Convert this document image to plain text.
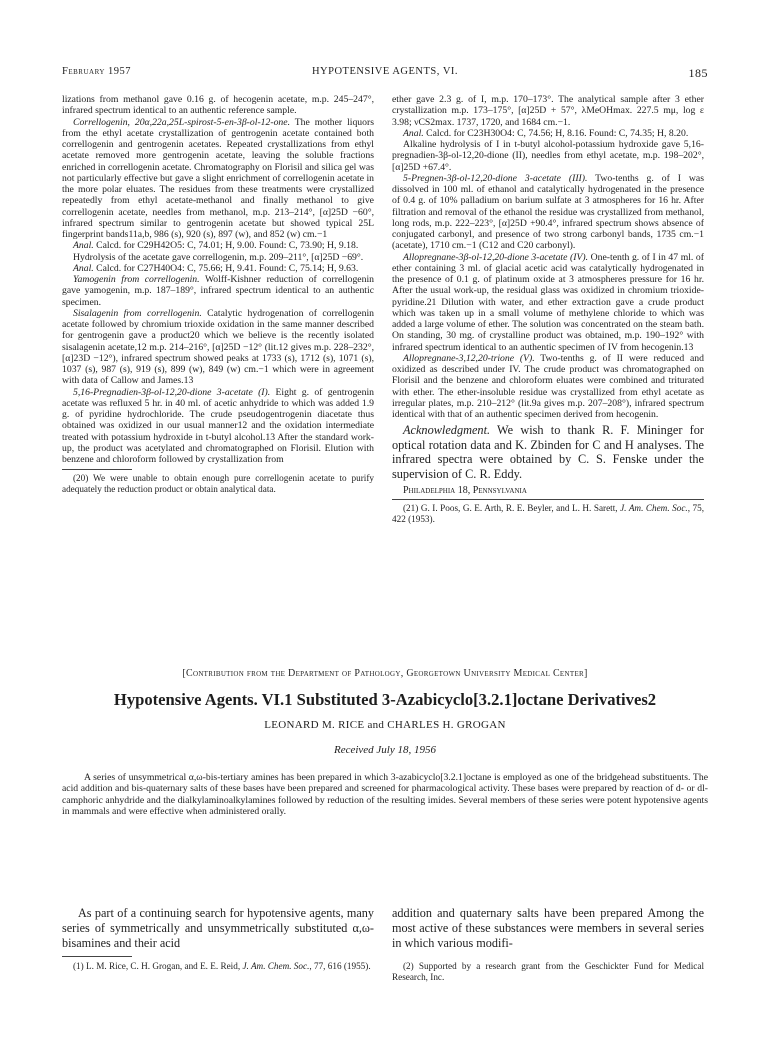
February 1957	HYPOTENSIVE AGENTS, VI.	185

lizations from methanol gave 0.16 g. of hecogenin acetate, m.p. 245–247°, infrared spectrum identical to an authentic reference sample.

Correllogenin, 20α,22a,25L-spirost-5-en-3β-ol-12-one. The mother liquors from the ethyl acetate crystallization of gentrogenin acetate contained both correllogenin and gentrogenin acetates. Repeated crystallizations from ethyl acetate removed more gentrogenin acetate, leaving the soluble fractions enriched in correllogenin acetate. Chromatography on Florisil and silica gel was not particularly effective but gave a slight enrichment of correllogenin acetate in the more polar eluates. The residues from these treatments were crystallized repeatedly from ethyl acetate-methanol and finally methanol to give correllogenin acetate, needles from methanol, m.p. 213–214°, [α]25D −60°, infrared spectrum similar to gentrogenin acetate but showed typical 25L fingerprint bands11a,b, 986 (s), 920 (s), 897 (w), and 852 (w) cm.−1

Anal. Calcd. for C29H42O5: C, 74.01; H, 9.00. Found: C, 73.90; H, 9.18.

Hydrolysis of the acetate gave correllogenin, m.p. 209–211°, [α]25D −69°.

Anal. Calcd. for C27H40O4: C, 75.66; H, 9.41. Found: C, 75.14; H, 9.63.

Yamogenin from correllogenin. Wolff-Kishner reduction of correllogenin gave yamogenin, m.p. 187–189°, infrared spectrum identical to an authentic specimen.

Sisalagenin from correllogenin. Catalytic hydrogenation of correllogenin acetate followed by chromium trioxide oxidation in the same manner described for gentrogenin gave a product20 which we believe is the recently isolated sisalagenin acetate,12 m.p. 214–216°, [α]25D −12° (lit.12 gives m.p. 228–232°, [α]23D −12°), infrared spectrum showed peaks at 1733 (s), 1712 (s), 1071 (s), 1037 (s), 987 (s), 919 (s), 899 (w), 849 (w) cm.−1 which were in agreement with data of Callow and James.13

5,16-Pregnadien-3β-ol-12,20-dione 3-acetate (I). Eight g. of gentrogenin acetate was refluxed 5 hr. in 40 ml. of acetic anhydride to which was added 1.9 g. of pyridine hydrochloride. The crude pseudogentrogenin diacetate thus obtained was oxidized in our usual manner12 and the oxidation intermediate treated with potassium hydroxide in t-butyl alcohol.13 After the standard work-up, the product was acetylated and chromatographed on Florisil. Elution with benzene and chloroform followed by crystallization from

(20) We were unable to obtain enough pure correllogenin acetate to purify adequately the reduction product or obtain analytical data.

ether gave 2.3 g. of I, m.p. 170–173°. The analytical sample after 3 ether crystallization m.p. 173–175°, [α]25D + 57°, λMeOHmax. 227.5 mμ, log ε 3.98; νCS2max. 1737, 1720, and 1684 cm.−1.

Anal. Calcd. for C23H30O4: C, 74.56; H, 8.16. Found: C, 74.35; H, 8.20.

Alkaline hydrolysis of I in t-butyl alcohol-potassium hydroxide gave 5,16-pregnadien-3β-ol-12,20-dione (II), needles from ethyl acetate, m.p. 198–202°, [α]25D +67.4°.

5-Pregnen-3β-ol-12,20-dione 3-acetate (III). Two-tenths g. of I was dissolved in 100 ml. of ethanol and catalytically hydrogenated in the presence of 0.4 g. of 10% palladium on barium sulfate at 3 atmospheres for 16 hr. After filtration and removal of the ethanol the residue was crystallized from methanol, long rods, m.p. 222–223°, [α]25D +90.4°, infrared spectrum shows absence of conjugated carbonyl, and presence of two strong carbonyl bands, 1735 cm.−1 (acetate), 1710 cm.−1 (C12 and C20 carbonyl).

Allopregnane-3β-ol-12,20-dione 3-acetate (IV). One-tenth g. of I in 47 ml. of ether containing 3 ml. of glacial acetic acid was catalytically hydrogenated in the presence of 0.1 g. of platinum oxide at 3 atmospheres pressure for 16 hr. After the usual work-up, the residual glass was oxidized in chromium trioxide-pyridine.21 Dilution with water, and ether extraction gave a crude product which was taken up in a small volume of methylene chloride to which was added a large volume of ether. The solution was concentrated on the steam bath. On standing, 30 mg. of crystalline product was obtained, m.p. 190–192° with infrared spectrum identical to an authentic specimen of IV from hecogenin.13

Allopregnane-3,12,20-trione (V). Two-tenths g. of II were reduced and oxidized as described under IV. The crude product was chromatographed on Florisil and the benzene and chloroform eluates were combined and triturated with ether. The ether-insoluble residue was crystallized from ethyl acetate as irregular plates, m.p. 210–212° (lit.9a gives m.p. 207–208°), infrared spectrum identical with that of an authentic specimen derived from hecogenin.

Acknowledgment. We wish to thank R. F. Mininger for optical rotation data and K. Zbinden for C and H analyses. The infrared spectra were obtained by C. S. Fenske under the supervision of C. R. Eddy.

Philadelphia 18, Pennsylvania

(21) G. I. Poos, G. E. Arth, R. E. Beyler, and L. H. Sarett, J. Am. Chem. Soc., 75, 422 (1953).

[Contribution from the Department of Pathology, Georgetown University Medical Center]
Hypotensive Agents. VI.1 Substituted 3-Azabicyclo[3.2.1]octane Derivatives2
LEONARD M. RICE and CHARLES H. GROGAN
Received July 18, 1956

A series of unsymmetrical α,ω-bis-tertiary amines has been prepared in which 3-azabicyclo[3.2.1]octane is employed as one of the bridgehead substituents. The acid addition and bis-quaternary salts of these bases have been prepared and screened for pharmacological activity. These bases were prepared by reaction of d- or dl-camphoric anhydride and the dialkylaminoalkylamines followed by reduction of the resulting imides. Several members of these series were potent hypotensive agents in mammals and were effective when administered orally.

As part of a continuing search for hypotensive agents, many series of symmetrically and unsymmetrically substituted α,ω-bisamines and their acid

(1) L. M. Rice, C. H. Grogan, and E. E. Reid, J. Am. Chem. Soc., 77, 616 (1955).

addition and quaternary salts have been prepared Among the most active of these substances were members in several series in which various modifi-

(2) Supported by a research grant from the Geschickter Fund for Medical Research, Inc.
